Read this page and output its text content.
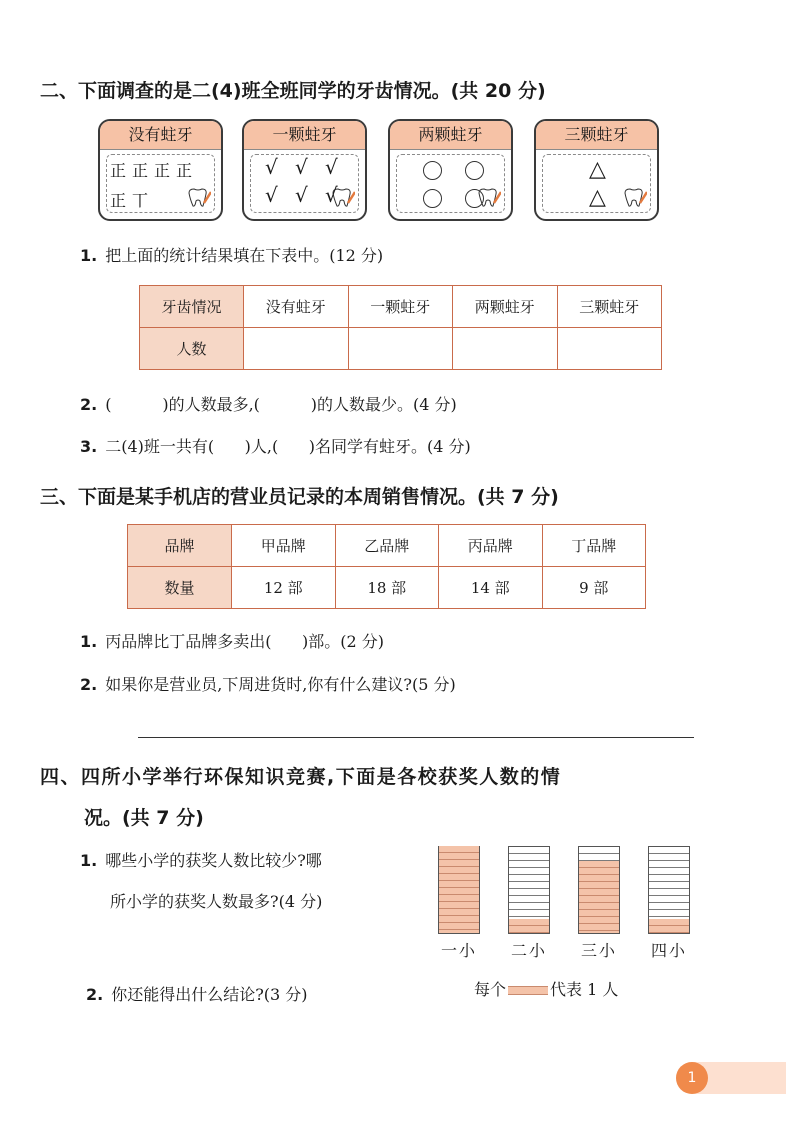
二、下面调查的是二(4)班全班同学的牙齿情况。(共 20 分)
没有蛀牙
正正正正
正丅
一颗蛀牙
√ √ √
√ √ √
两颗蛀牙	三颗蛀牙
△
△
1. 把上面的统计结果填在下表中。(12 分)
牙齿情况	没有蛀牙	一颗蛀牙	两颗蛀牙	三颗蛀牙
人数				
2. (          )的人数最多,(          )的人数最少。(4 分)
3. 二(4)班一共有(      )人,(      )名同学有蛀牙。(4 分)
三、下面是某手机店的营业员记录的本周销售情况。(共 7 分)
品牌	甲品牌	乙品牌	丙品牌	丁品牌
数量	12 部	18 部	14 部	9 部
1. 丙品牌比丁品牌多卖出(      )部。(2 分)
2. 如果你是营业员,下周进货时,你有什么建议?(5 分)
四、四所小学举行环保知识竞赛,下面是各校获奖人数的情
况。(共 7 分)
1. 哪些小学的获奖人数比较少?哪
所小学的获奖人数最多?(4 分)
一小	二小	三小	四小
2. 你还能得出什么结论?(3 分)	每个	代表 1 人
1
